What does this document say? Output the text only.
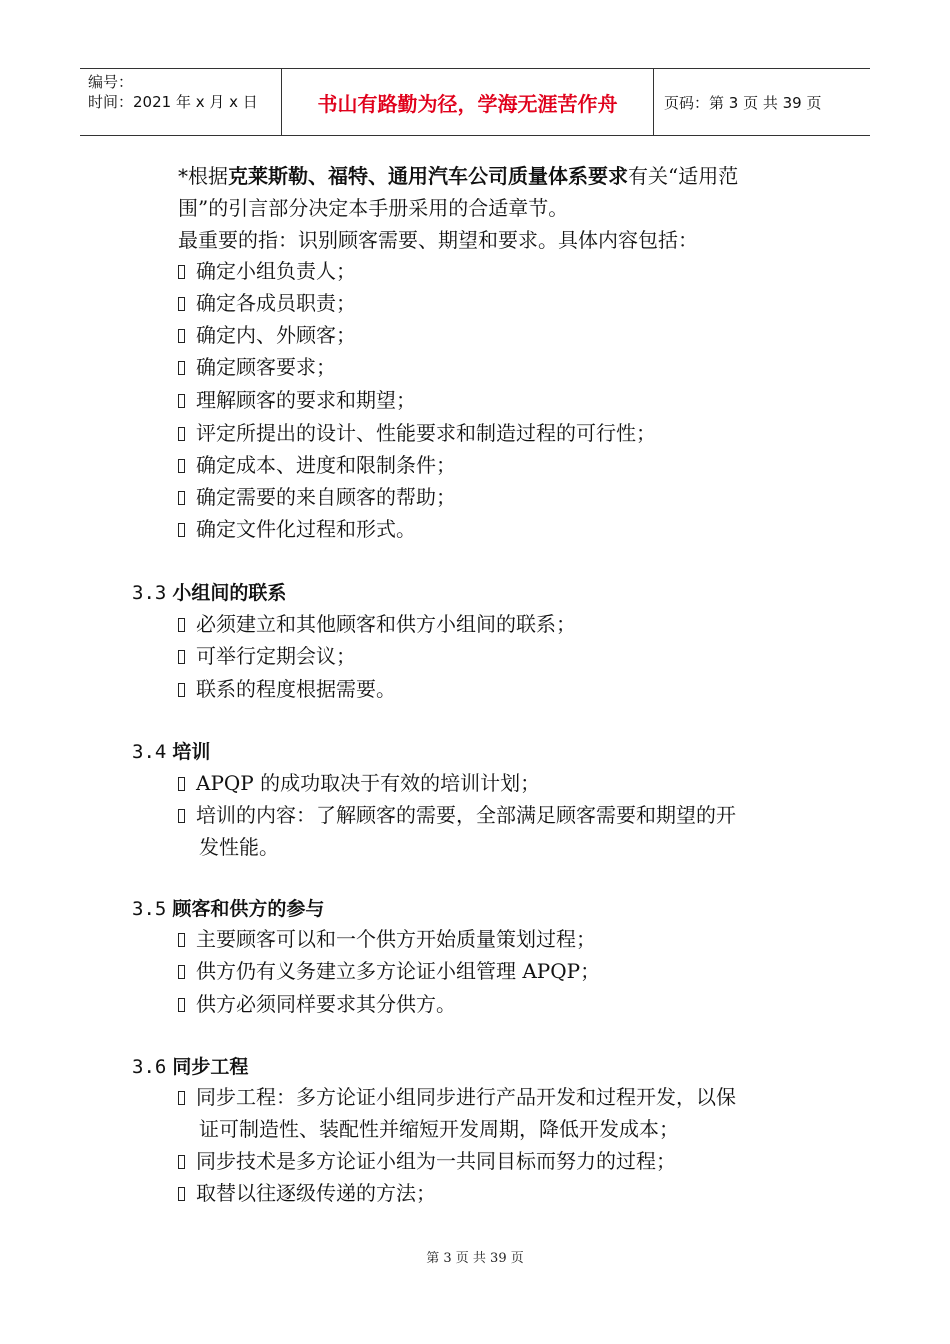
编号：
时间：2021 年 x 月 x 日	书山有路勤为径，学海无涯苦作舟	页码：第 3 页 共 39 页
*根据克莱斯勒、福特、通用汽车公司质量体系要求有关“适用范
围”的引言部分决定本手册采用的合适章节。
最重要的指：识别顾客需要、期望和要求。具体内容包括：
确定小组负责人；
确定各成员职责；
确定内、外顾客；
确定顾客要求；
理解顾客的要求和期望；
评定所提出的设计、性能要求和制造过程的可行性；
确定成本、进度和限制条件；
确定需要的来自顾客的帮助；
确定文件化过程和形式。
3.3 小组间的联系
必须建立和其他顾客和供方小组间的联系；
可举行定期会议；
联系的程度根据需要。
3.4 培训
APQP 的成功取决于有效的培训计划；
培训的内容：了解顾客的需要，全部满足顾客需要和期望的开
发性能。
3.5 顾客和供方的参与
主要顾客可以和一个供方开始质量策划过程；
供方仍有义务建立多方论证小组管理 APQP；
供方必须同样要求其分供方。
3.6 同步工程
同步工程：多方论证小组同步进行产品开发和过程开发，以保
证可制造性、装配性并缩短开发周期，降低开发成本；
同步技术是多方论证小组为一共同目标而努力的过程；
取替以往逐级传递的方法；
第 3 页 共 39 页
